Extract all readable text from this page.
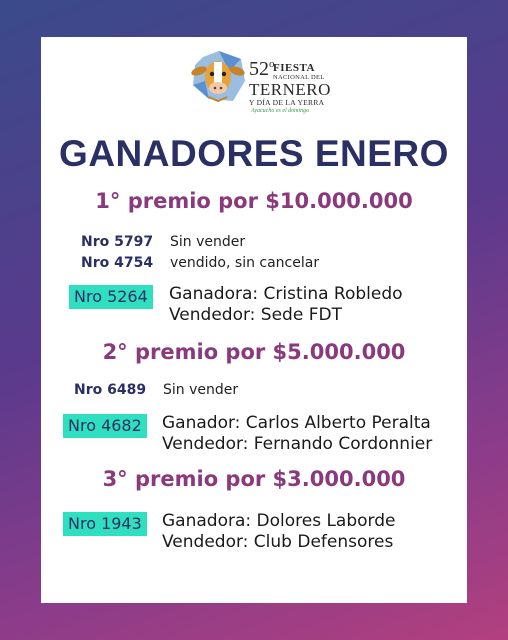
52$^o$
FIESTA
NACIONAL DEL
TERNERO
Y DÍA DE LA YERRA
Ayacucho es el domingo
GANADORES ENERO
1° premio por $10.000.000
Nro 5797 Sin vender
Nro 4754 vendido, sin cancelar
Nro 5264 Ganadora: Cristina Robledo
Vendedor: Sede FDT
2° premio por $5.000.000
Nro 6489 Sin vender
Nro 4682 Ganador: Carlos Alberto Peralta
Vendedor: Fernando Cordonnier
3° premio por $3.000.000
Nro 1943 Ganadora: Dolores Laborde
Vendedor: Club Defensores
